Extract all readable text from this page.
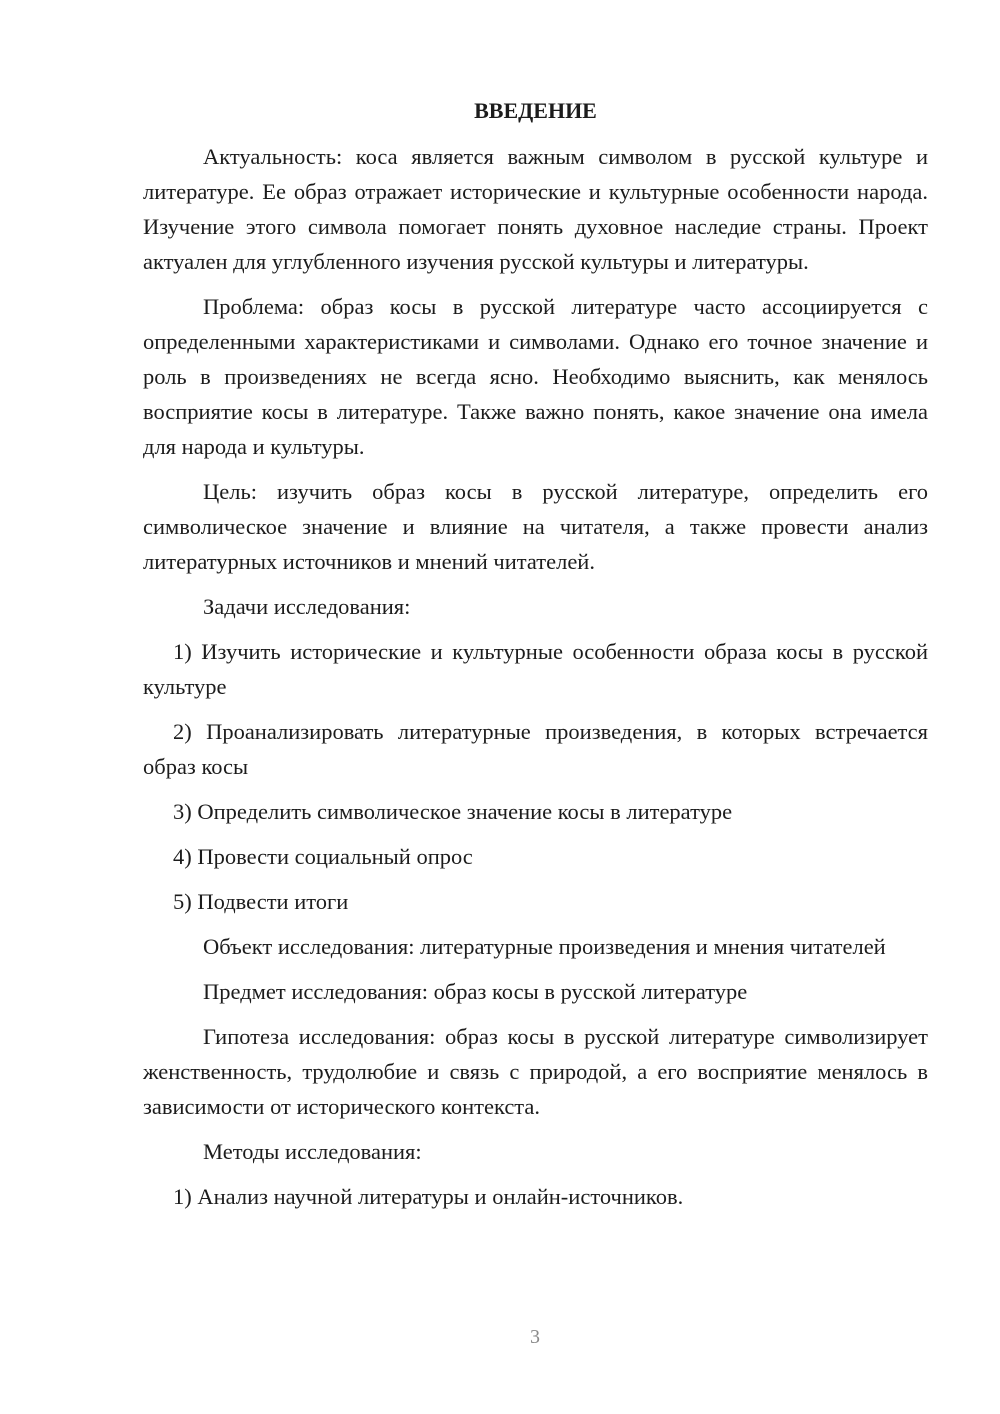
ВВЕДЕНИЕ
Актуальность: коса является важным символом в русской культуре и литературе. Ее образ отражает исторические и культурные особенности народа. Изучение этого символа помогает понять духовное наследие страны. Проект актуален для углубленного изучения русской культуры и литературы.
Проблема: образ косы в русской литературе часто ассоциируется с определенными характеристиками и символами. Однако его точное значение и роль в произведениях не всегда ясно. Необходимо выяснить, как менялось восприятие косы в литературе. Также важно понять, какое значение она имела для народа и культуры.
Цель: изучить образ косы в русской литературе, определить его символическое значение и влияние на читателя, а также провести анализ литературных источников и мнений читателей.
Задачи исследования:
1) Изучить исторические и культурные особенности образа косы в русской культуре
2) Проанализировать литературные произведения, в которых встречается образ косы
3) Определить символическое значение косы в литературе
4) Провести социальный опрос
5) Подвести итоги
Объект исследования: литературные произведения и мнения читателей
Предмет исследования: образ косы в русской литературе
Гипотеза исследования: образ косы в русской литературе символизирует женственность, трудолюбие и связь с природой, а его восприятие менялось в зависимости от исторического контекста.
Методы исследования:
1) Анализ научной литературы и онлайн-источников.
3
